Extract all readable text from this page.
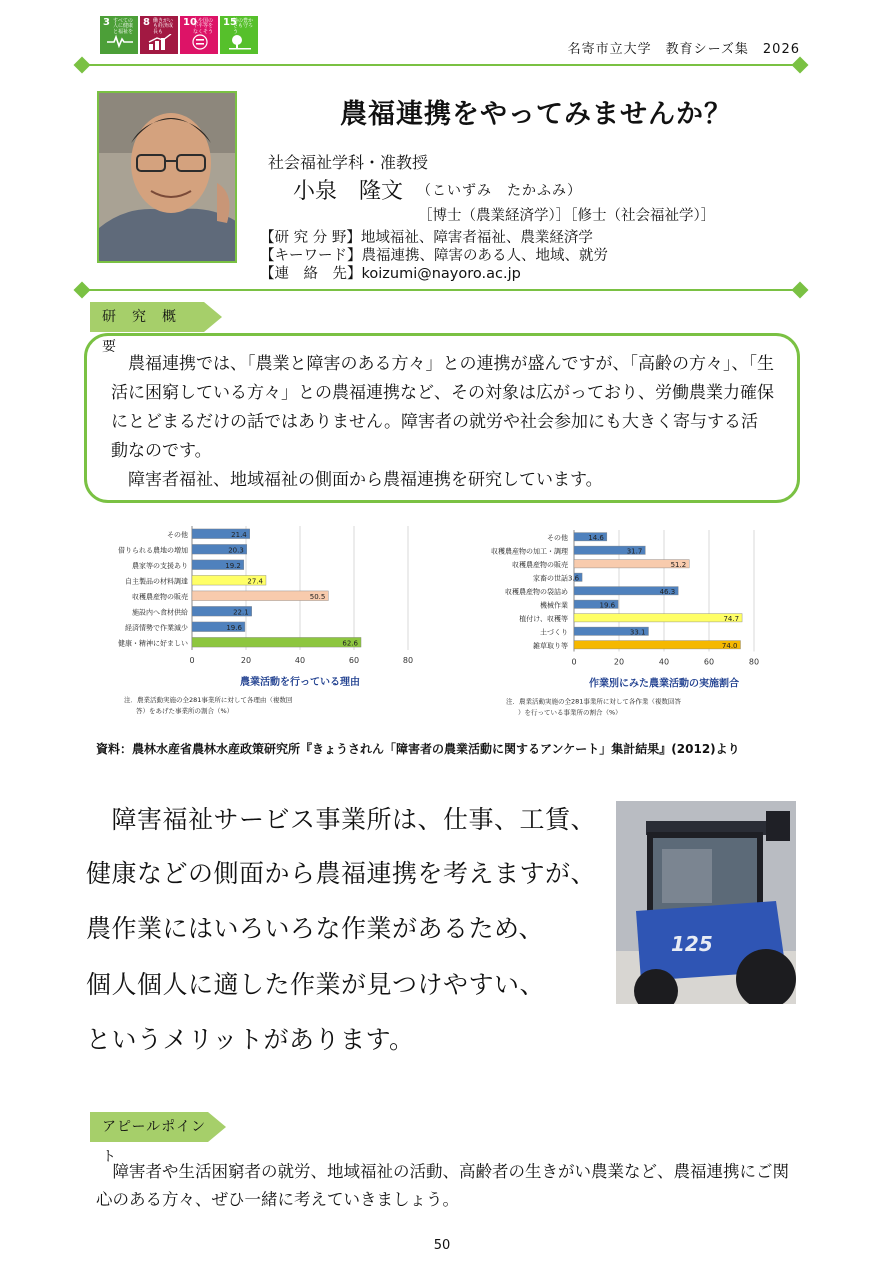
3 すべての人に健康と福祉を
8 働きがいも経済成長も
10
人や国の不平等をなくそう
15
陸の豊かさも守ろう
名寄市立大学　教育シーズ集　2026
農福連携をやってみませんか？
社会福祉学科・准教授
小泉　隆文 （こいずみ　たかふみ）
［博士（農業経済学）］［修士（社会福祉学）］
【研 究 分 野】地域福祉、障害者福祉、農業経済学
【キーワード】農福連携、障害のある人、地域、就労
【連　絡　先】koizumi@nayoro.ac.jp
研　究　概　要

　農福連携では、「農業と障害のある方々」との連携が盛んですが、「高齢の方々」、「生活に困窮している方々」との農福連携など、その対象は広がっており、労働農業力確保にとどまるだけの話ではありません。障害者の就労や社会参加にも大きく寄与する活動なのです。

　障害者福祉、地域福祉の側面から農福連携を研究しています。

0	20	40	60	80
その他	21.4
借りられる農地の増加	20.3
農家等の支援あり	19.2
自主製品の材料調達	27.4
収穫農産物の販売	50.5
施設内へ食材供給	22.1
経済情勢で作業減少	19.6
健康・精神に好ましい	62.6
農業活動を行っている理由
注．農業活動実施の全281事業所に対して各理由（複数回
答）をあげた事業所の割合（%）
0	20	40	60	80
その他	14.6
収穫農産物の加工・調理	31.7
収穫農産物の販売	51.2
家畜の世話 3.6
収穫農産物の袋詰め	46.3
機械作業	19.6
植付け、収穫等	74.7
土づくり	33.1
雑草取り等	74.0
作業別にみた農業活動の実施割合
注．農業活動実施の全281事業所に対して各作業（複数回答
）を行っている事業所の割合（%）
資料：農林水産省農林水産政策研究所『きょうされん「障害者の農業活動に関するアンケート」集計結果』(2012)より
　障害福祉サービス事業所は、仕事、工賃、
健康などの側面から農福連携を考えますが、
農作業にはいろいろな作業があるため、
個人個人に適した作業が見つけやすい、
というメリットがあります。
125
アピールポイント
　障害者や生活困窮者の就労、地域福祉の活動、高齢者の生きがい農業など、農福連携にご関心のある方々、ぜひ一緒に考えていきましょう。
50
